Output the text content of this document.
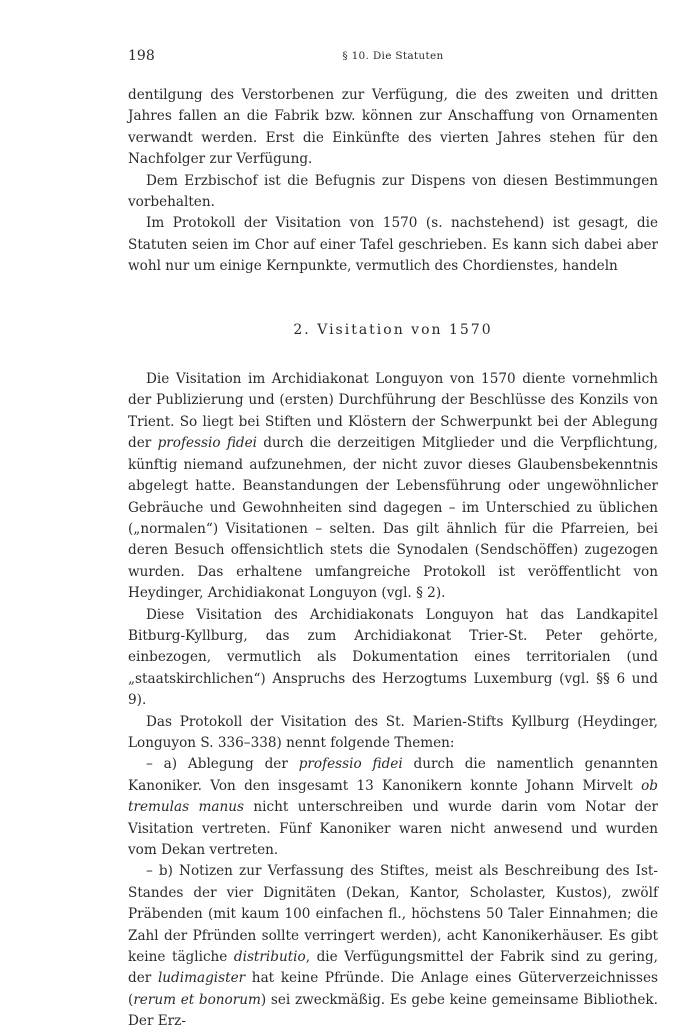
198	§ 10. Die Statuten

dentilgung des Verstorbenen zur Verfügung, die des zweiten und dritten Jahres fallen an die Fabrik bzw. können zur Anschaffung von Ornamenten verwandt werden. Erst die Einkünfte des vierten Jahres stehen für den Nachfolger zur Verfügung.

Dem Erzbischof ist die Befugnis zur Dispens von diesen Bestimmungen vorbehalten.

Im Protokoll der Visitation von 1570 (s. nachstehend) ist gesagt, die Statuten seien im Chor auf einer Tafel geschrieben. Es kann sich dabei aber wohl nur um einige Kernpunkte, vermutlich des Chordienstes, handeln

2. Visitation von 1570

Die Visitation im Archidiakonat Longuyon von 1570 diente vornehmlich der Publizierung und (ersten) Durchführung der Beschlüsse des Konzils von Trient. So liegt bei Stiften und Klöstern der Schwerpunkt bei der Ablegung der professio fidei durch die derzeitigen Mitglieder und die Verpflichtung, künftig niemand aufzunehmen, der nicht zuvor dieses Glaubensbekenntnis abgelegt hatte. Beanstandungen der Lebensführung oder ungewöhnlicher Gebräuche und Gewohnheiten sind dagegen – im Unterschied zu üblichen („normalen“) Visitationen – selten. Das gilt ähnlich für die Pfarreien, bei deren Besuch offensichtlich stets die Synodalen (Sendschöffen) zugezogen wurden. Das erhaltene umfangreiche Protokoll ist veröffentlicht von Heydinger, Archidiakonat Longuyon (vgl. § 2).

Diese Visitation des Archidiakonats Longuyon hat das Landkapitel Bitburg-Kyllburg, das zum Archidiakonat Trier-St. Peter gehörte, einbezogen, vermutlich als Dokumentation eines territorialen (und „staatskirchlichen“) Anspruchs des Herzogtums Luxemburg (vgl. §§ 6 und 9).

Das Protokoll der Visitation des St. Marien-Stifts Kyllburg (Heydinger, Longuyon S. 336–338) nennt folgende Themen:

– a) Ablegung der professio fidei durch die namentlich genannten Kanoniker. Von den insgesamt 13 Kanonikern konnte Johann Mirvelt ob tremulas manus nicht unterschreiben und wurde darin vom Notar der Visitation vertreten. Fünf Kanoniker waren nicht anwesend und wurden vom Dekan vertreten.

– b) Notizen zur Verfassung des Stiftes, meist als Beschreibung des Ist-Standes der vier Dignitäten (Dekan, Kantor, Scholaster, Kustos), zwölf Präbenden (mit kaum 100 einfachen fl., höchstens 50 Taler Einnahmen; die Zahl der Pfründen sollte verringert werden), acht Kanonikerhäuser. Es gibt keine tägliche distributio, die Verfügungsmittel der Fabrik sind zu gering, der ludimagister hat keine Pfründe. Die Anlage eines Güterverzeichnisses (rerum et bonorum) sei zweckmäßig. Es gebe keine gemeinsame Bibliothek. Der Erz-
